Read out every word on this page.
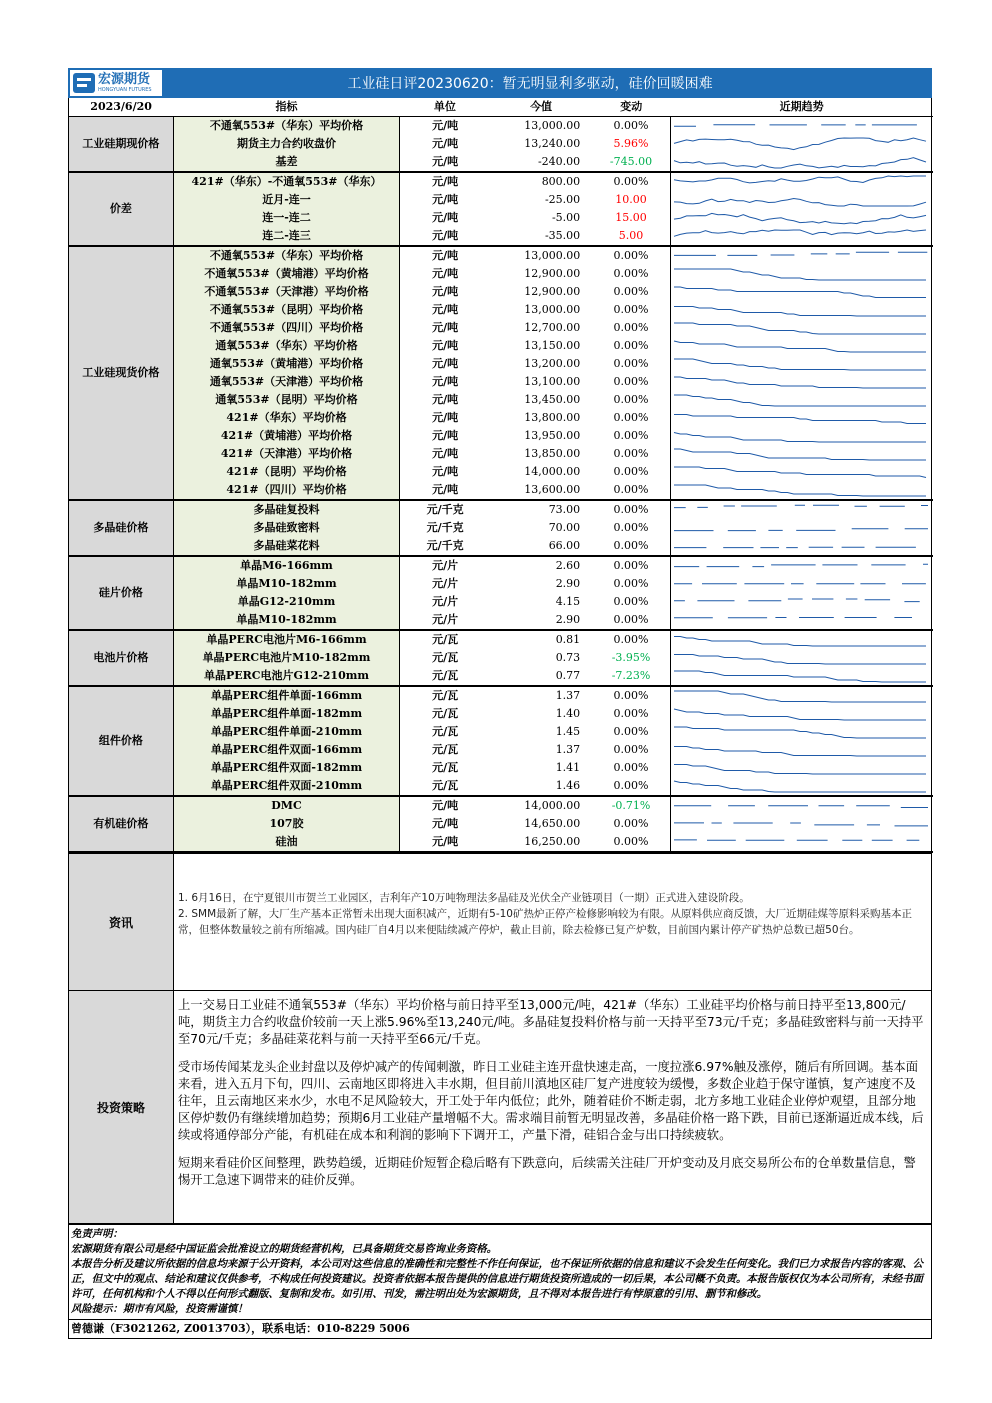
宏源期货
HONGYUAN FUTURES	工业硅日评20230620：暂无明显利多驱动，硅价回暖困难
2023/6/20	指标	单位	今值	变动	近期趋势
工业硅期现价格	不通氧553#（华东）平均价格	元/吨	13,000.00	0.00%	

	期货主力合约收盘价	元/吨	13,240.00	5.96%	

	基差	元/吨	-240.00	-745.00	

价差	421#（华东）-不通氧553#（华东）	元/吨	800.00	0.00%	

	近月-连一	元/吨	-25.00	10.00	

	连一-连二	元/吨	-5.00	15.00	

	连二-连三	元/吨	-35.00	5.00	

工业硅现货价格	不通氧553#（华东）平均价格	元/吨	13,000.00	0.00%	

	不通氧553#（黄埔港）平均价格	元/吨	12,900.00	0.00%	

	不通氧553#（天津港）平均价格	元/吨	12,900.00	0.00%	

	不通氧553#（昆明）平均价格	元/吨	13,000.00	0.00%	

	不通氧553#（四川）平均价格	元/吨	12,700.00	0.00%	

	通氧553#（华东）平均价格	元/吨	13,150.00	0.00%	

	通氧553#（黄埔港）平均价格	元/吨	13,200.00	0.00%	

	通氧553#（天津港）平均价格	元/吨	13,100.00	0.00%	

	通氧553#（昆明）平均价格	元/吨	13,450.00	0.00%	

	421#（华东）平均价格	元/吨	13,800.00	0.00%	

	421#（黄埔港）平均价格	元/吨	13,950.00	0.00%	

	421#（天津港）平均价格	元/吨	13,850.00	0.00%	

	421#（昆明）平均价格	元/吨	14,000.00	0.00%	

	421#（四川）平均价格	元/吨	13,600.00	0.00%	

多晶硅价格	多晶硅复投料	元/千克	73.00	0.00%	

	多晶硅致密料	元/千克	70.00	0.00%	

	多晶硅菜花料	元/千克	66.00	0.00%	

硅片价格	单晶M6-166mm	元/片	2.60	0.00%	

	单晶M10-182mm	元/片	2.90	0.00%	

	单晶G12-210mm	元/片	4.15	0.00%	

	单晶M10-182mm	元/片	2.90	0.00%	

电池片价格	单晶PERC电池片M6-166mm	元/瓦	0.81	0.00%	

	单晶PERC电池片M10-182mm	元/瓦	0.73	-3.95%	

	单晶PERC电池片G12-210mm	元/瓦	0.77	-7.23%	

组件价格	单晶PERC组件单面-166mm	元/瓦	1.37	0.00%	

	单晶PERC组件单面-182mm	元/瓦	1.40	0.00%	

	单晶PERC组件单面-210mm	元/瓦	1.45	0.00%	

	单晶PERC组件双面-166mm	元/瓦	1.37	0.00%	

	单晶PERC组件双面-182mm	元/瓦	1.41	0.00%	

	单晶PERC组件双面-210mm	元/瓦	1.46	0.00%	

有机硅价格	DMC	元/吨	14,000.00	-0.71%	

	107胶	元/吨	14,650.00	0.00%	

	硅油	元/吨	16,250.00	0.00%	
资讯
1. 6月16日，在宁夏银川市贺兰工业园区，吉利年产10万吨物理法多晶硅及光伏全产业链项目（一期）正式进入建设阶段。
2. SMM最新了解，大厂生产基本正常暂未出现大面积减产，近期有5-10矿热炉正停产检修影响较为有限。从原料供应商反馈，大厂近期硅煤等原料采购基本正常，但整体数量较之前有所缩减。国内硅厂自4月以来便陆续减产停炉，截止目前，除去检修已复产炉数，目前国内累计停产矿热炉总数已超50台。
投资策略

上一交易日工业硅不通氧553#（华东）平均价格与前日持平至13,000元/吨，421#（华东）工业硅平均价格与前日持平至13,800元/吨，期货主力合约收盘价较前一天上涨5.96%至13,240元/吨。多晶硅复投料价格与前一天持平至73元/千克；多晶硅致密料与前一天持平至70元/千克；多晶硅菜花料与前一天持平至66元/千克。

受市场传闻某龙头企业封盘以及停炉减产的传闻刺激，昨日工业硅主连开盘快速走高，一度拉涨6.97%触及涨停，随后有所回调。基本面来看，进入五月下旬，四川、云南地区即将进入丰水期，但目前川滇地区硅厂复产进度较为缓慢，多数企业趋于保守谨慎，复产速度不及往年，且云南地区来水少，水电不足风险较大，开工处于年内低位；此外，随着硅价不断走弱，北方多地工业硅企业停炉观望，且部分地区停炉数仍有继续增加趋势；预期6月工业硅产量增幅不大。需求端目前暂无明显改善，多晶硅价格一路下跌，目前已逐渐逼近成本线，后续或将通停部分产能，有机硅在成本和利润的影响下下调开工，产量下滑，硅铝合金与出口持续疲软。

短期来看硅价区间整理，跌势趋缓，近期硅价短暂企稳后略有下跌意向，后续需关注硅厂开炉变动及月底交易所公布的仓单数量信息，警惕开工急速下调带来的硅价反弹。

免责声明：
宏源期货有限公司是经中国证监会批准设立的期货经营机构，已具备期货交易咨询业务资格。
本报告分析及建议所依据的信息均来源于公开资料，本公司对这些信息的准确性和完整性不作任何保证，也不保证所依据的信息和建议不会发生任何变化。我们已力求报告内容的客观、公正，但文中的观点、结论和建议仅供参考，不构成任何投资建议。投资者依据本报告提供的信息进行期货投资所造成的一切后果，本公司概不负责。本报告版权仅为本公司所有，未经书面许可，任何机构和个人不得以任何形式翻版、复制和发布。如引用、刊发，需注明出处为宏源期货，且不得对本报告进行有悖原意的引用、删节和修改。
风险提示：期市有风险，投资需谨慎！
曾德谦（F3021262, Z0013703），联系电话：010-8229 5006
